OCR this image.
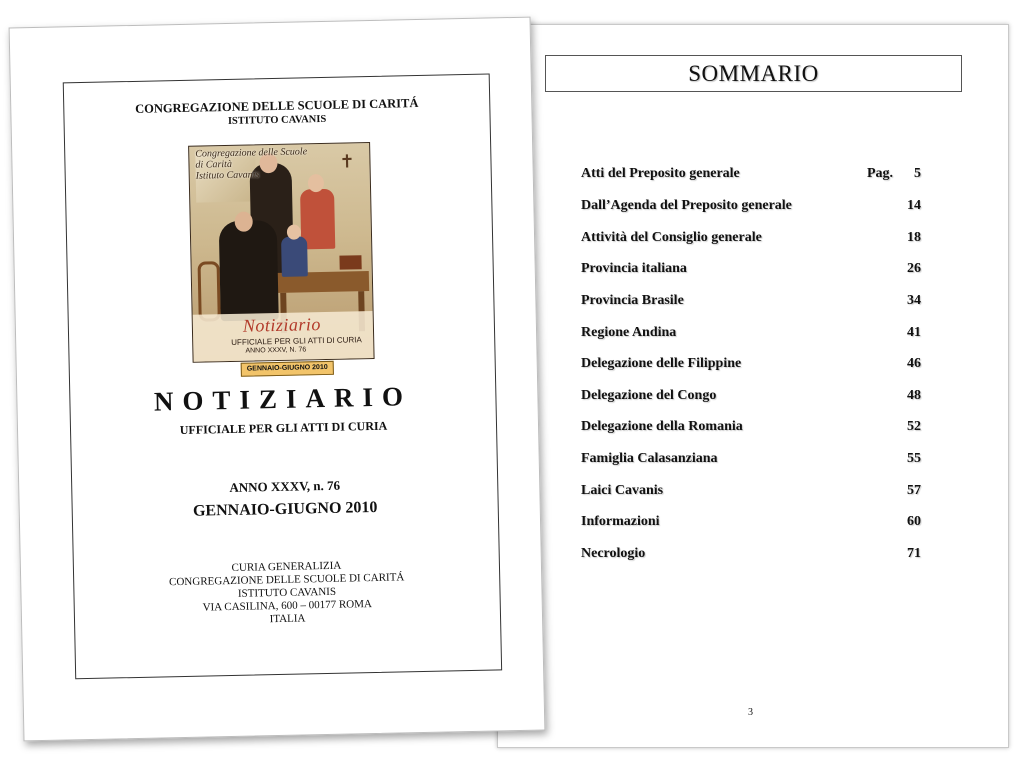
SOMMARIO
Atti del Preposito generale	Pag. 5
Dall’Agenda del Preposito generale	14
Attività del Consiglio generale	18
Provincia italiana	26
Provincia Brasile	34
Regione Andina	41
Delegazione delle Filippine	46
Delegazione del Congo	48
Delegazione della Romania	52
Famiglia Calasanziana	55
Laici Cavanis	57
Informazioni	60
Necrologio	71
3
CONGREGAZIONE DELLE SCUOLE DI CARITÁ
ISTITUTO CAVANIS
✝
Congregazione delle Scuole
di Carità
Istituto Cavanis
Notiziario
UFFICIALE PER GLI ATTI DI CURIA
ANNO XXXV, N. 76
GENNAIO-GIUGNO 2010
NOTIZIARIO
UFFICIALE PER GLI ATTI DI CURIA
ANNO XXXV, n. 76
GENNAIO-GIUGNO 2010
CURIA GENERALIZIA
CONGREGAZIONE DELLE SCUOLE DI CARITÁ
ISTITUTO CAVANIS
VIA CASILINA, 600 – 00177 ROMA
ITALIA
